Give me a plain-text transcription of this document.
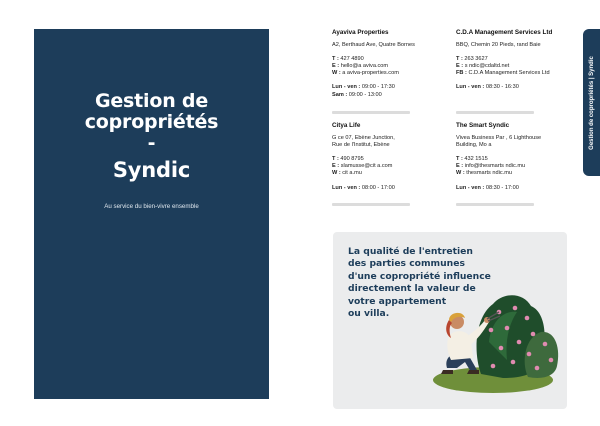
Gestion de
copropriétés
-
Syndic
Au service du bien-vivre ensemble
Ayaviva Properties
A2, Berthaud Ave, Quatre Bornes
T : 427 4890
E : hello@a aviva.com
W : a aviva-properties.com
Lun - ven : 09:00 - 17:30
Sam : 09:00 - 13:00
C.D.A Management Services Ltd
BBQ, Chemin 20 Pieds, rand Baie
T : 263 3627
E : s ndic@cdaltd.net
FB : C.D.A Management Services Ltd
Lun - ven : 08:30 - 16:30
Citya Life
G ce 07, Ebène Junction,
Rue de l'Institut, Ebène
T : 490 8795
E : slamusse@cit a.com
W : cit a.mu
Lun - ven : 08:00 - 17:00
The Smart Syndic
Vivea Business Par , 6 Lighthouse
Building, Mo a
T : 432 1515
E : info@thesmarts ndic.mu
W : thesmarts ndic.mu
Lun - ven : 08:30 - 17:00
Gestion de copropriétés | Syndic
La qualité de l'entretien
des parties communes
d'une copropriété influence
directement la valeur de
votre appartement
ou villa.
